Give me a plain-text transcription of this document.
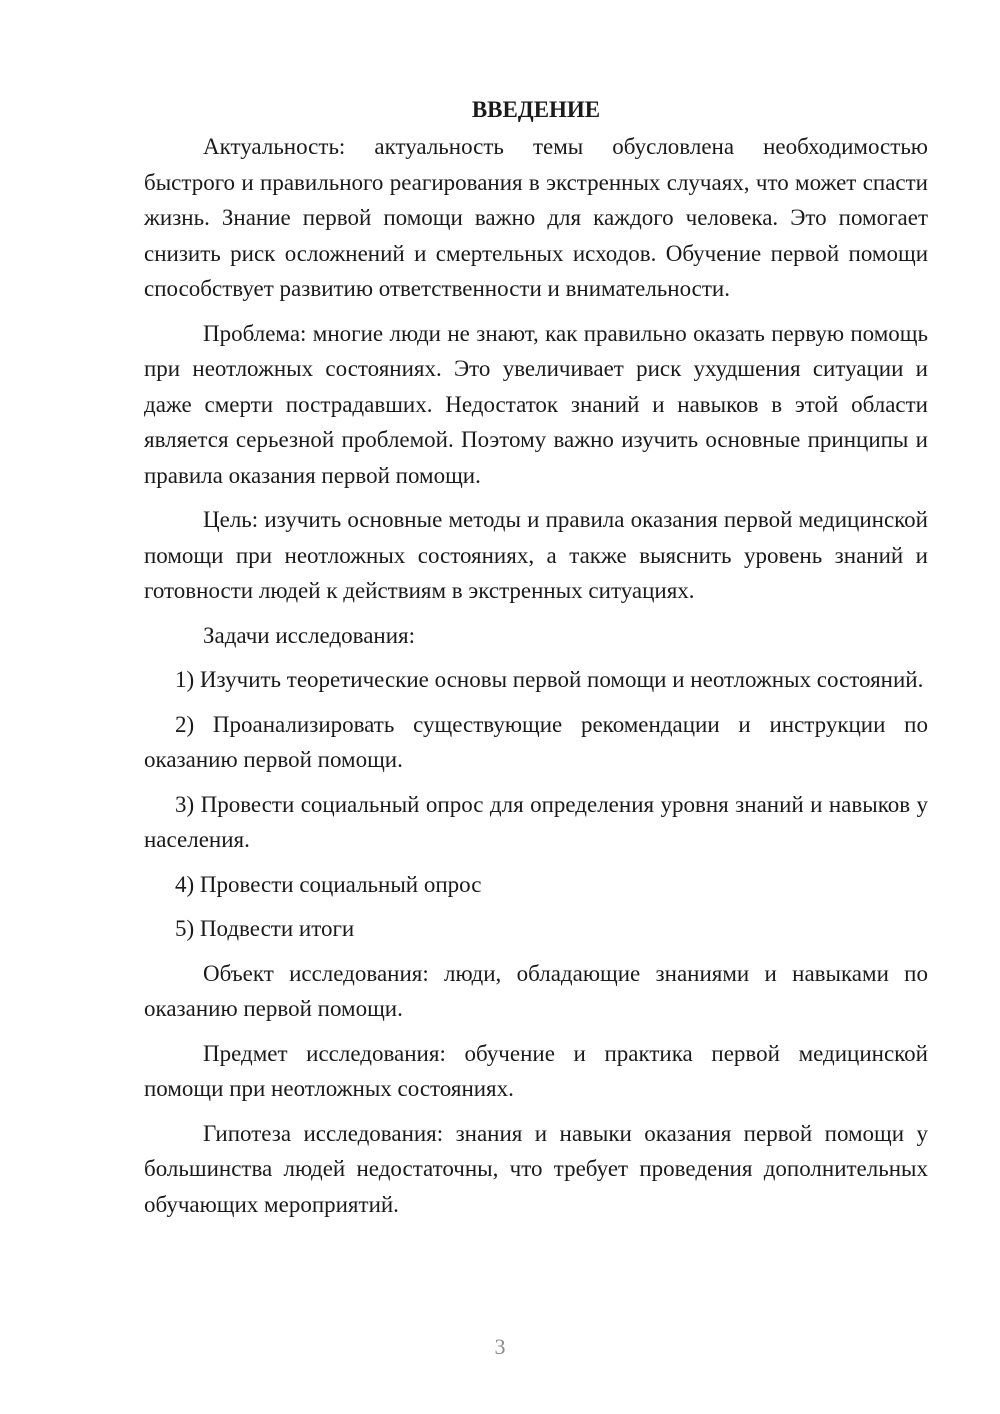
ВВЕДЕНИЕ

Актуальность: актуальность темы обусловлена необходимостью быстрого и правильного реагирования в экстренных случаях, что может спасти жизнь. Знание первой помощи важно для каждого человека. Это помогает снизить риск осложнений и смертельных исходов. Обучение первой помощи способствует развитию ответственности и внимательности.

Проблема: многие люди не знают, как правильно оказать первую помощь при неотложных состояниях. Это увеличивает риск ухудшения ситуации и даже смерти пострадавших. Недостаток знаний и навыков в этой области является серьезной проблемой. Поэтому важно изучить основные принципы и правила оказания первой помощи.

Цель: изучить основные методы и правила оказания первой медицинской помощи при неотложных состояниях, а также выяснить уровень знаний и готовности людей к действиям в экстренных ситуациях.

Задачи исследования:

1) Изучить теоретические основы первой помощи и неотложных состояний.

2) Проанализировать существующие рекомендации и инструкции по оказанию первой помощи.

3) Провести социальный опрос для определения уровня знаний и навыков у населения.

4) Провести социальный опрос

5) Подвести итоги

Объект исследования: люди, обладающие знаниями и навыками по оказанию первой помощи.

Предмет исследования: обучение и практика первой медицинской помощи при неотложных состояниях.

Гипотеза исследования: знания и навыки оказания первой помощи у большинства людей недостаточны, что требует проведения дополнительных обучающих мероприятий.

3
